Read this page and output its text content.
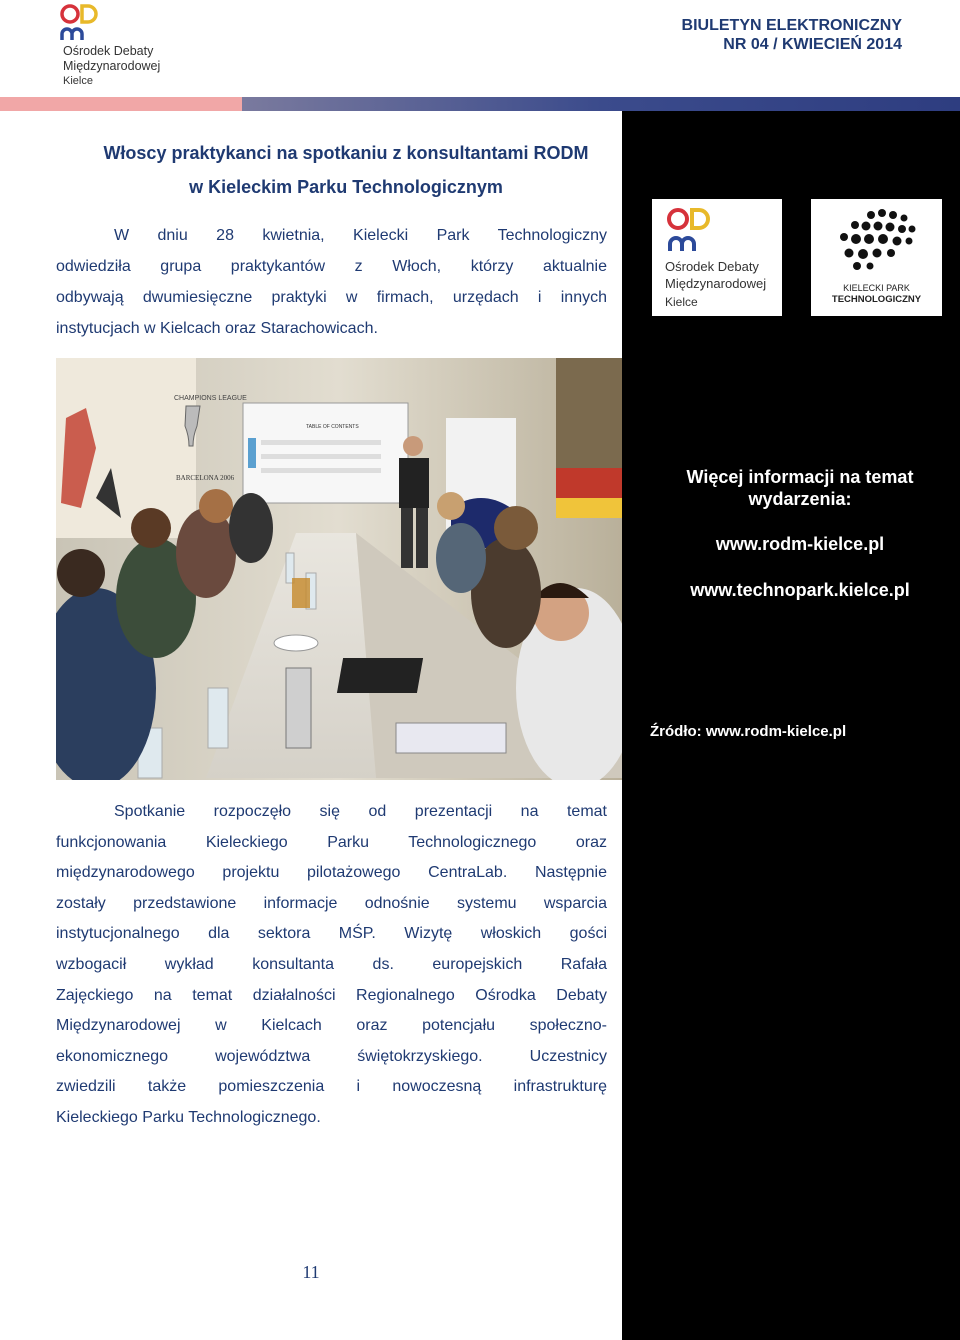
Ośrodek Debaty
Międzynarodowej
Kielce
BIULETYN ELEKTRONICZNY
NR 04 / KWIECIEŃ 2014
Włoscy praktykanci na spotkaniu z konsultantami RODM
w Kieleckim Parku Technologicznym
W dniu 28 kwietnia, Kielecki Park Technologiczny
odwiedziła grupa praktykantów z Włoch, którzy aktualnie
odbywają dwumiesięczne praktyki w firmach, urzędach i innych
instytucjach w Kielcach oraz Starachowicach.
Ośrodek Debaty
Międzynarodowej
Kielce
KIELECKI PARK
TECHNOLOGICZNY
CHAMPIONS LEAGUE
BARCELONA 2006
TABLE OF CONTENTS
Więcej informacji na temat
wydarzenia:
www.rodm-kielce.pl
www.technopark.kielce.pl
Źródło: www.rodm-kielce.pl
Spotkanie rozpoczęło się od prezentacji na temat
funkcjonowania Kieleckiego Parku Technologicznego oraz
międzynarodowego projektu pilotażowego CentraLab. Następnie
zostały przedstawione informacje odnośnie systemu wsparcia
instytucjonalnego dla sektora MŚP. Wizytę włoskich gości
wzbogacił wykład konsultanta ds. europejskich Rafała
Zajęckiego na temat działalności Regionalnego Ośrodka Debaty
Międzynarodowej w Kielcach oraz potencjału społeczno-
ekonomicznego województwa świętokrzyskiego. Uczestnicy
zwiedzili także pomieszczenia i nowoczesną infrastrukturę
Kieleckiego Parku Technologicznego.
11
